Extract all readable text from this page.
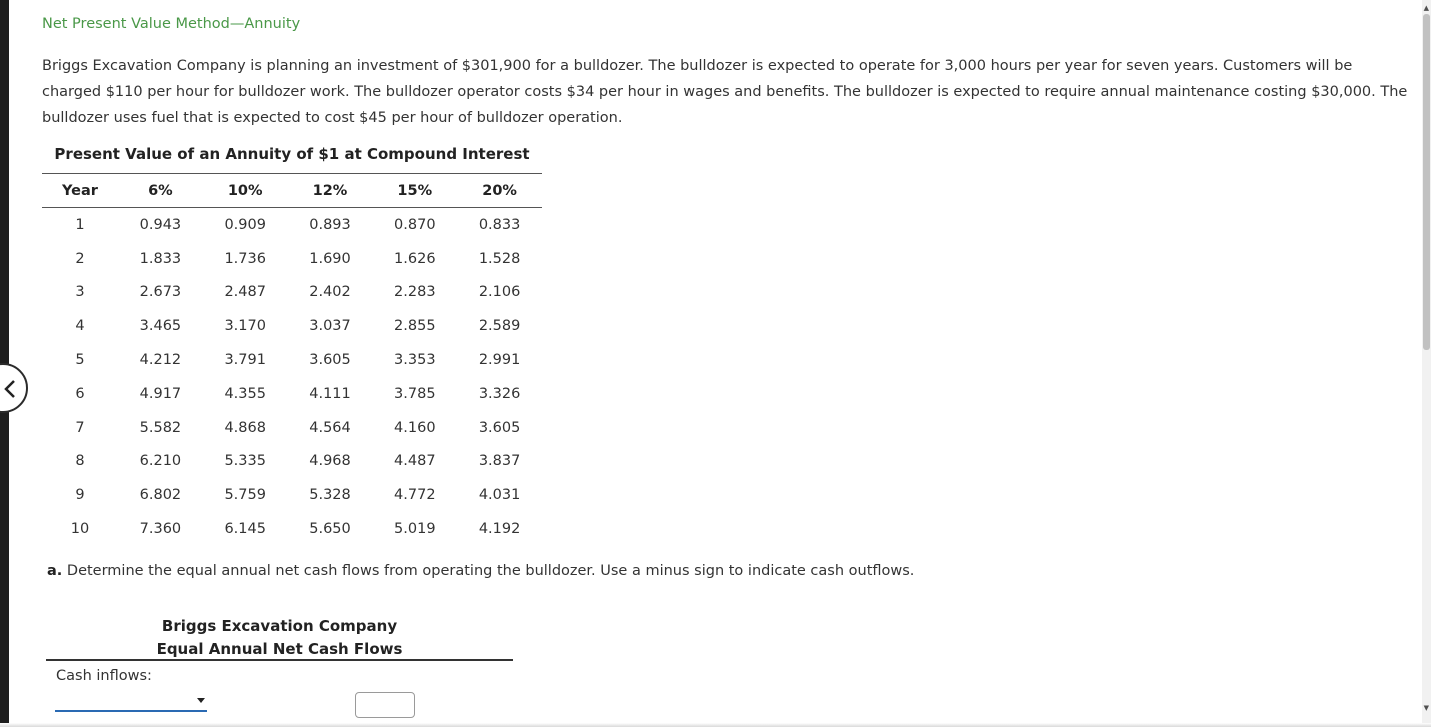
▲
▼
Net Present Value Method—Annuity
Briggs Excavation Company is planning an investment of $301,900 for a bulldozer. The bulldozer is expected to operate for 3,000 hours per year for seven years. Customers will be charged $110 per hour for bulldozer work. The bulldozer operator costs $34 per hour in wages and benefits. The bulldozer is expected to require annual maintenance costing $30,000. The bulldozer uses fuel that is expected to cost $45 per hour of bulldozer operation.
Present Value of an Annuity of $1 at Compound Interest
Year	6%	10%	12%	15%	20%
1	0.943	0.909	0.893	0.870	0.833
2	1.833	1.736	1.690	1.626	1.528
3	2.673	2.487	2.402	2.283	2.106
4	3.465	3.170	3.037	2.855	2.589
5	4.212	3.791	3.605	3.353	2.991
6	4.917	4.355	4.111	3.785	3.326
7	5.582	4.868	4.564	4.160	3.605
8	6.210	5.335	4.968	4.487	3.837
9	6.802	5.759	5.328	4.772	4.031
10	7.360	6.145	5.650	5.019	4.192
a. Determine the equal annual net cash flows from operating the bulldozer. Use a minus sign to indicate cash outflows.
Briggs Excavation Company
Equal Annual Net Cash Flows
Cash inflows:
